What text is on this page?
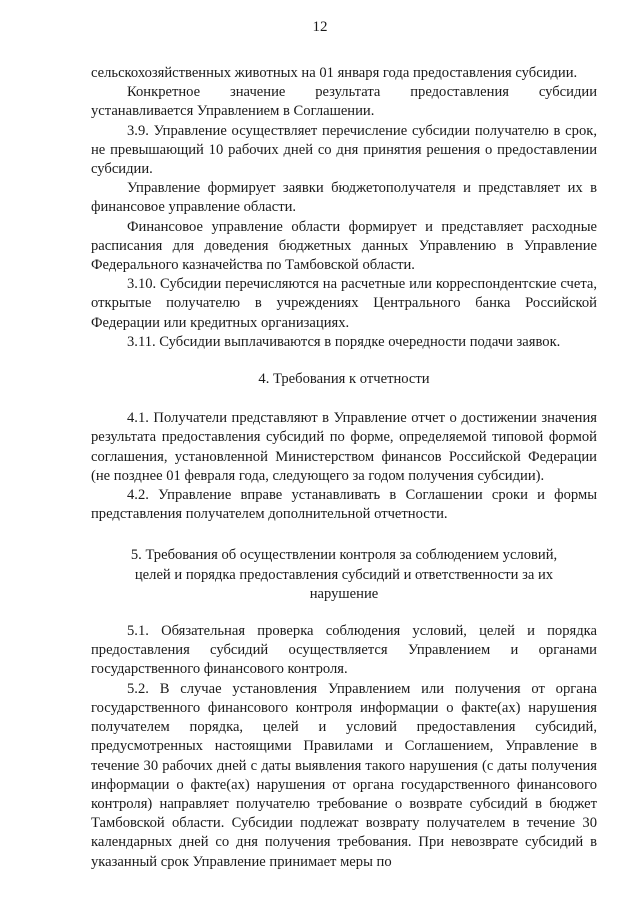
12

сельскохозяйственных животных на 01 января года предоставления субсидии.

Конкретное значение результата предоставления субсидии устанавливается Управлением в Соглашении.

3.9. Управление осуществляет перечисление субсидии получателю в срок, не превышающий 10 рабочих дней со дня принятия решения о предоставлении субсидии.

Управление формирует заявки бюджетополучателя и представляет их в финансовое управление области.

Финансовое управление области формирует и представляет расходные расписания для доведения бюджетных данных Управлению в Управление Федерального казначейства по Тамбовской области.

3.10. Субсидии перечисляются на расчетные или корреспондентские счета, открытые получателю в учреждениях Центрального банка Российской Федерации или кредитных организациях.

3.11. Субсидии выплачиваются в порядке очередности подачи заявок.

4. Требования к отчетности

4.1. Получатели представляют в Управление отчет о достижении значения результата предоставления субсидий по форме, определяемой типовой формой соглашения, установленной Министерством финансов Российской Федерации (не позднее 01 февраля года, следующего за годом получения субсидии).

4.2. Управление вправе устанавливать в Соглашении сроки и формы представления получателем дополнительной отчетности.

5. Требования об осуществлении контроля за соблюдением условий, целей и порядка предоставления субсидий и ответственности за их нарушение

5.1. Обязательная проверка соблюдения условий, целей и порядка предоставления субсидий осуществляется Управлением и органами государственного финансового контроля.

5.2. В случае установления Управлением или получения от органа государственного финансового контроля информации о факте(ах) нарушения получателем порядка, целей и условий предоставления субсидий, предусмотренных настоящими Правилами и Соглашением, Управление в течение 30 рабочих дней с даты выявления такого нарушения (с даты получения информации о факте(ах) нарушения от органа государственного финансового контроля) направляет получателю требование о возврате субсидий в бюджет Тамбовской области. Субсидии подлежат возврату получателем в течение 30 календарных дней со дня получения требования. При невозврате субсидий в указанный срок Управление принимает меры по
